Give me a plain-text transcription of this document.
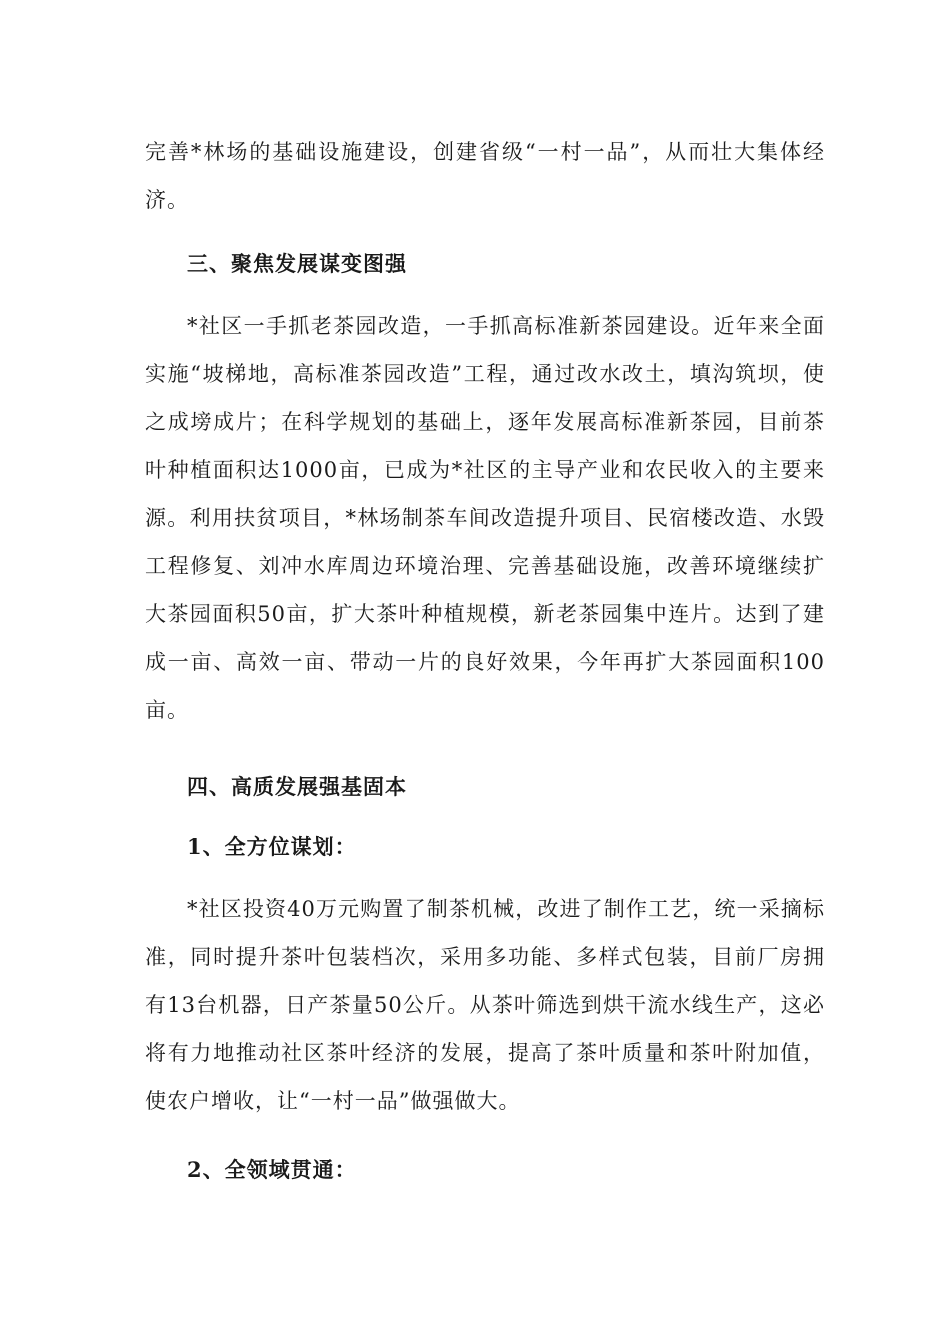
完善*林场的基础设施建设，创建省级“一村一品”，从而壮大集体经济。

三、聚焦发展谋变图强

*社区一手抓老茶园改造，一手抓高标准新茶园建设。近年来全面实施“坡梯地，高标准茶园改造”工程，通过改水改土，填沟筑坝，使之成塝成片；在科学规划的基础上，逐年发展高标准新茶园，目前茶叶种植面积达1000亩，已成为*社区的主导产业和农民收入的主要来源。利用扶贫项目，*林场制茶车间改造提升项目、民宿楼改造、水毁工程修复、刘冲水库周边环境治理、完善基础设施，改善环境继续扩大茶园面积50亩，扩大茶叶种植规模，新老茶园集中连片。达到了建成一亩、高效一亩、带动一片的良好效果，今年再扩大茶园面积100亩。

四、高质发展强基固本

1、全方位谋划：

*社区投资40万元购置了制茶机械，改进了制作工艺，统一采摘标准，同时提升茶叶包装档次，采用多功能、多样式包装，目前厂房拥有13台机器，日产茶量50公斤。从茶叶筛选到烘干流水线生产，这必将有力地推动社区茶叶经济的发展，提高了茶叶质量和茶叶附加值，使农户增收，让“一村一品”做强做大。

2、全领域贯通：
